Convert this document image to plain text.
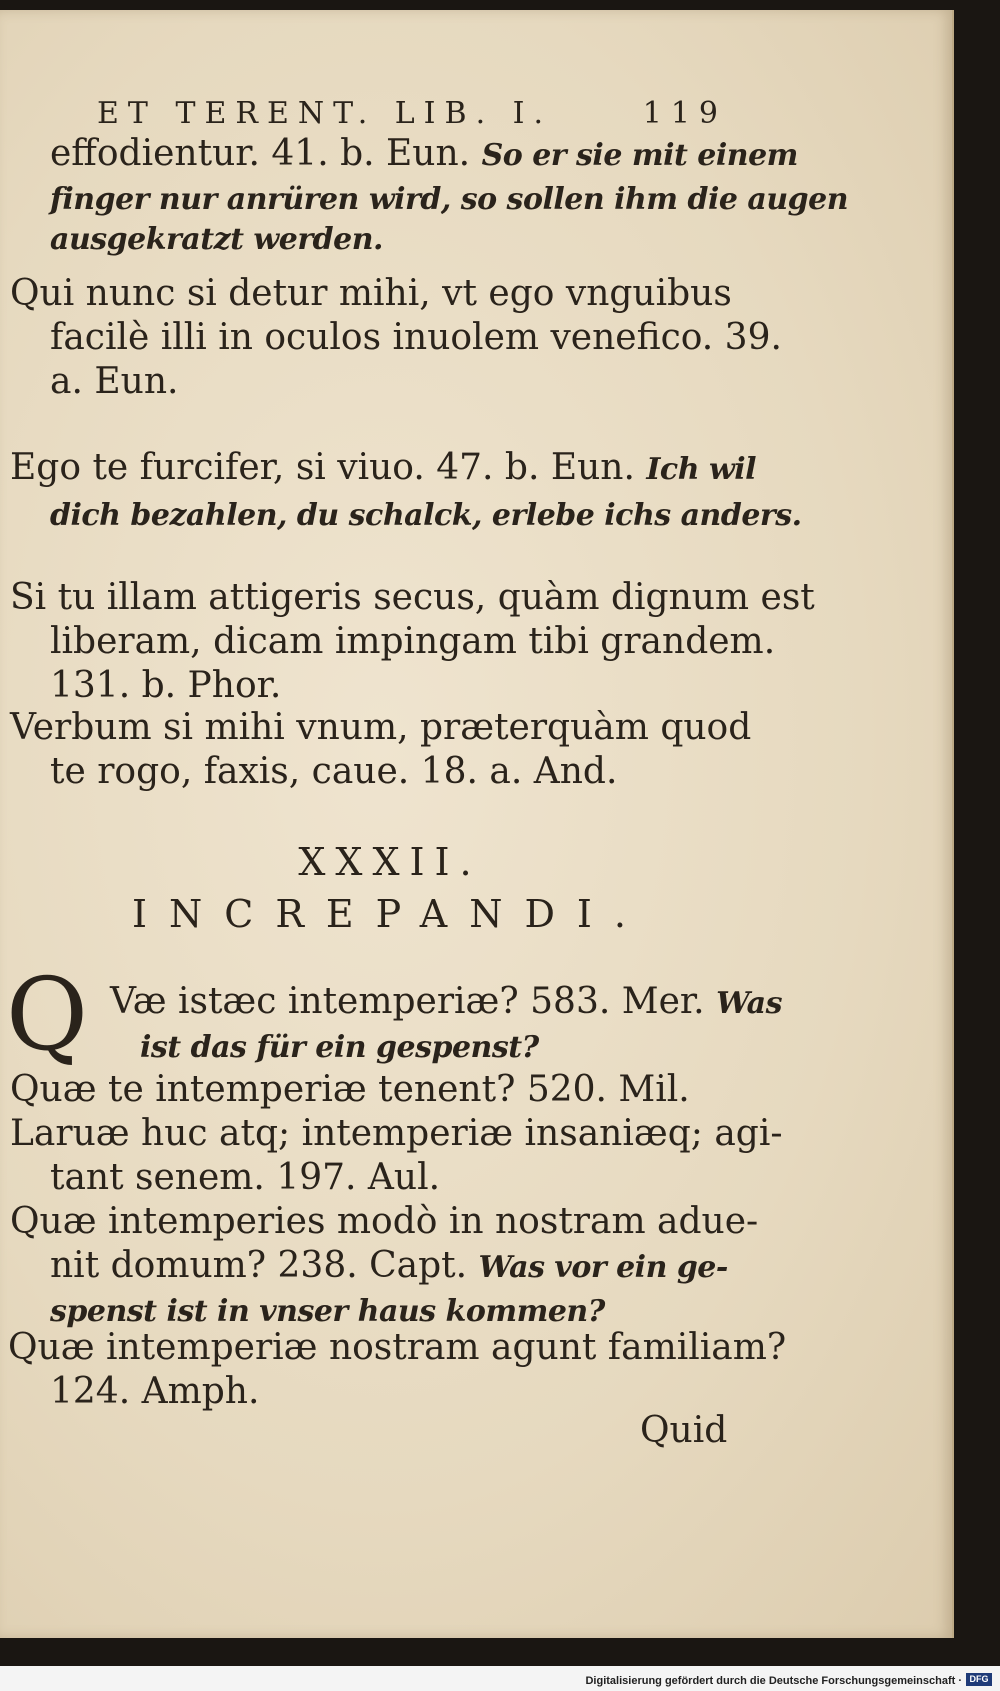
ET TERENT. LIB. I.	119
effodientur. 41. b. Eun. So er sie mit einem
finger nur anrüren wird, so sollen ihm die augen
ausgekratzt werden.
Qui nunc si detur mihi, vt ego vnguibus
facilè illi in oculos inuolem venefico. 39.
a. Eun.
Ego te furcifer, si viuo. 47. b. Eun. Ich wil
dich bezahlen, du schalck, erlebe ichs anders.
Si tu illam attigeris secus, quàm dignum est
liberam, dicam impingam tibi grandem.
131. b. Phor.
Verbum si mihi vnum, præterquàm quod
te rogo, faxis, caue. 18. a. And.
XXXII.
INCREPANDI.
Q Væ istæc intemperiæ? 583. Mer. Was
ist das für ein gespenst?
Quæ te intemperiæ tenent? 520. Mil.
Laruæ huc atq; intemperiæ insaniæq; agi-
tant senem. 197. Aul.
Quæ intemperies modò in nostram adue-
nit domum? 238. Capt. Was vor ein ge-
spenst ist in vnser haus kommen?
Quæ intemperiæ nostram agunt familiam?
124. Amph.
Quid
Digitalisierung gefördert durch die Deutsche Forschungsgemeinschaft · DFG
